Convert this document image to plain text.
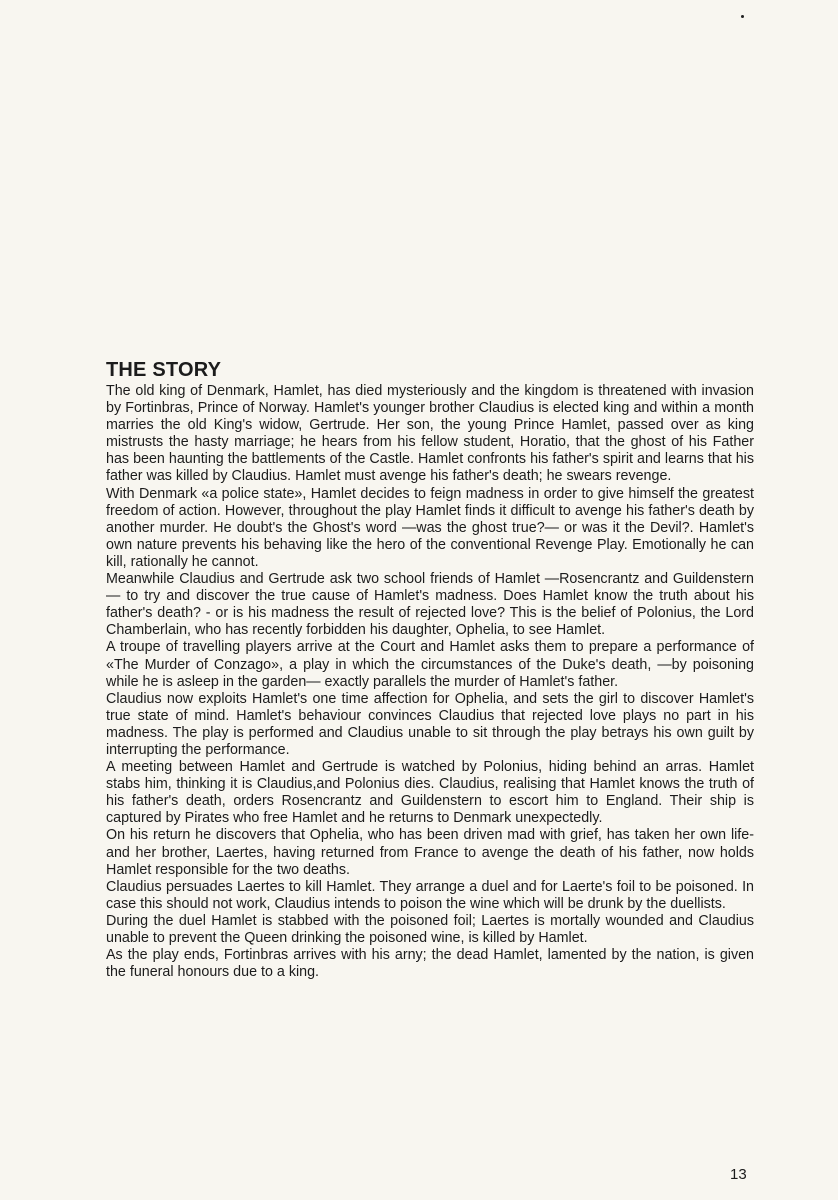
THE STORY

The old king of Denmark, Hamlet, has died mysteriously and the kingdom is threatened with invasion by Fortinbras, Prince of Norway. Hamlet's younger brother Claudius is elected king and within a month marries the old King's widow, Gertrude. Her son, the young Prince Hamlet, passed over as king mistrusts the hasty marriage; he hears from his fellow student, Horatio, that the ghost of his Father has been haunting the battlements of the Castle. Hamlet confronts his father's spirit and learns that his father was killed by Claudius. Hamlet must avenge his father's death; he swears revenge.

With Denmark «a police state», Hamlet decides to feign madness in order to give himself the greatest freedom of action. However, throughout the play Hamlet finds it difficult to avenge his father's death by another murder. He doubt's the Ghost's word —was the ghost true?— or was it the Devil?. Hamlet's own nature prevents his behaving like the hero of the conventional Revenge Play. Emotionally he can kill, rationally he cannot.

Meanwhile Claudius and Gertrude ask two school friends of Hamlet —Rosencrantz and Guildenstern— to try and discover the true cause of Hamlet's madness. Does Hamlet know the truth about his father's death? - or is his madness the result of rejected love? This is the belief of Polonius, the Lord Chamberlain, who has recently forbidden his daughter, Ophelia, to see Hamlet.

A troupe of travelling players arrive at the Court and Hamlet asks them to prepare a performance of «The Murder of Conzago», a play in which the circumstances of the Duke's death, —by poisoning while he is asleep in the garden— exactly parallels the murder of Hamlet's father.

Claudius now exploits Hamlet's one time affection for Ophelia, and sets the girl to discover Hamlet's true state of mind. Hamlet's behaviour convinces Claudius that rejected love plays no part in his madness. The play is performed and Claudius unable to sit through the play betrays his own guilt by interrupting the performance.

A meeting between Hamlet and Gertrude is watched by Polonius, hiding behind an arras. Hamlet stabs him, thinking it is Claudius,and Polonius dies. Claudius, realising that Hamlet knows the truth of his father's death, orders Rosencrantz and Guildenstern to escort him to England. Their ship is captured by Pirates who free Hamlet and he returns to Denmark unexpectedly.

On his return he discovers that Ophelia, who has been driven mad with grief, has taken her own life-and her brother, Laertes, having returned from France to avenge the death of his father, now holds Hamlet responsible for the two deaths.

Claudius persuades Laertes to kill Hamlet. They arrange a duel and for Laerte's foil to be poisoned. In case this should not work, Claudius intends to poison the wine which will be drunk by the duellists.

During the duel Hamlet is stabbed with the poisoned foil; Laertes is mortally wounded and Claudius unable to prevent the Queen drinking the poisoned wine, is killed by Hamlet.

As the play ends, Fortinbras arrives with his arny; the dead Hamlet, lamented by the nation, is given the funeral honours due to a king.

13
